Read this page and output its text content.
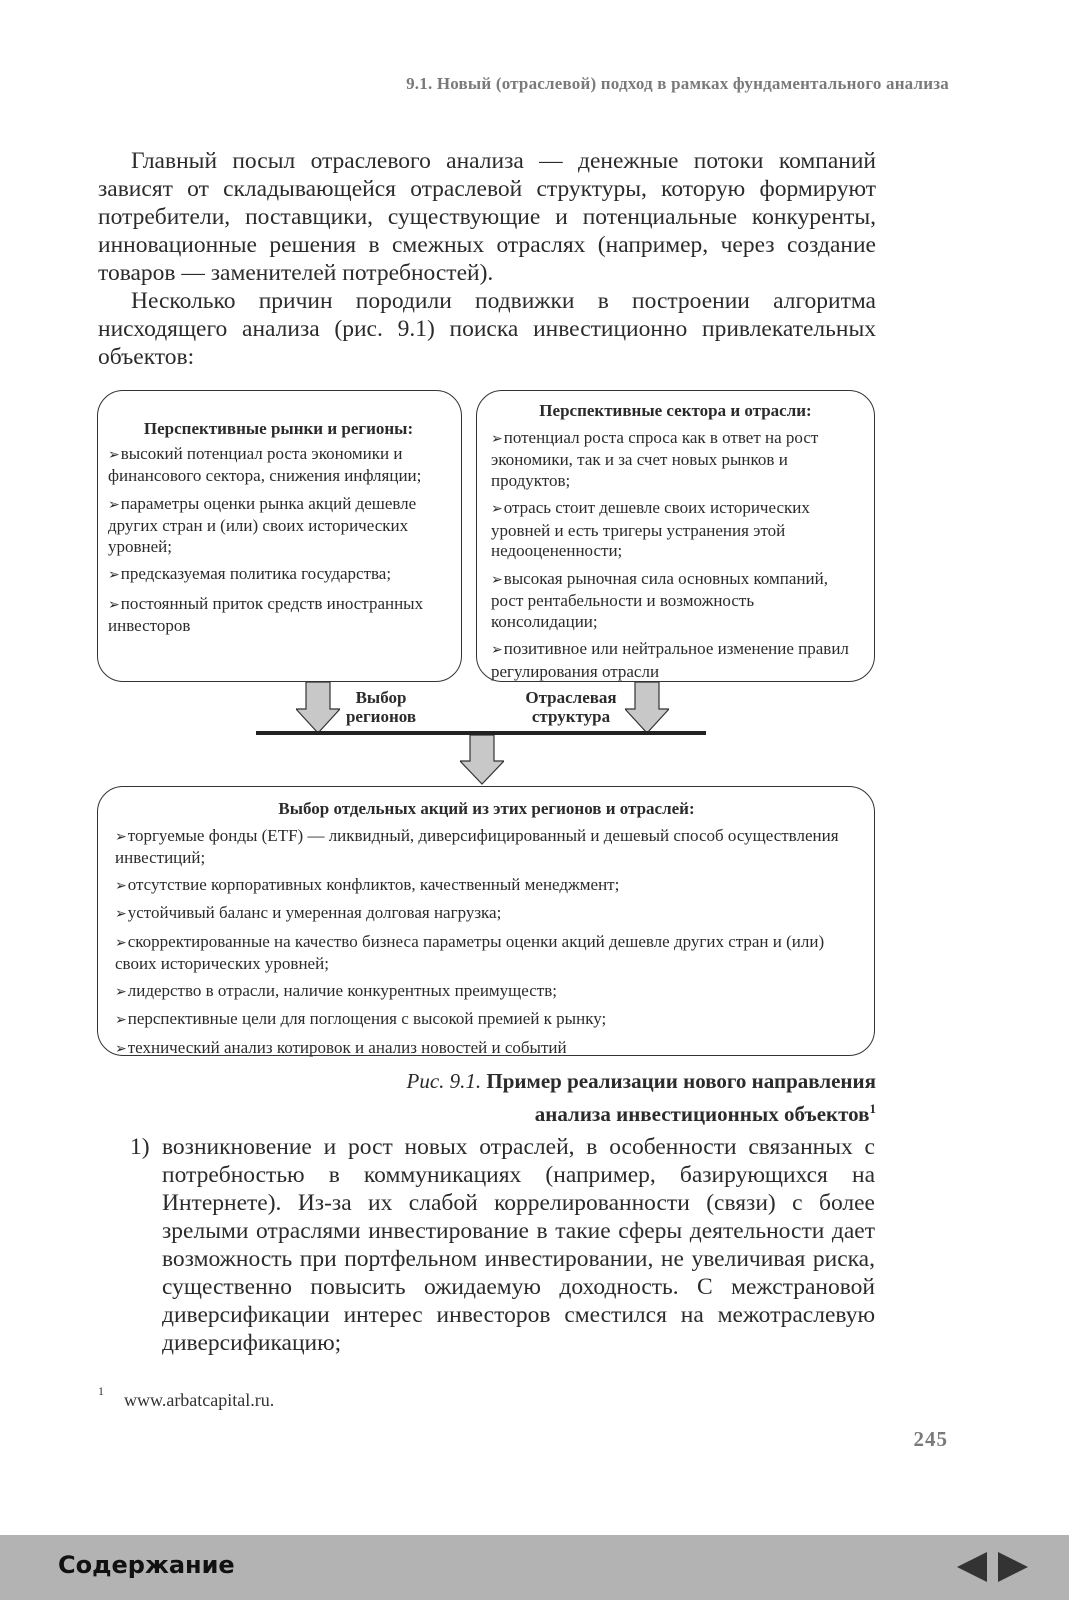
9.1. Новый (отраслевой) подход в рамках фундаментального анализа

Главный посыл отраслевого анализа — денежные потоки компаний зависят от складывающейся отраслевой структуры, которую формируют потребители, поставщики, существующие и потенциальные конкуренты, инновационные решения в смежных отраслях (например, через создание товаров — заменителей потребностей).

Несколько причин породили подвижки в построении алгоритма нисходящего анализа (рис. 9.1) поиска инвестиционно привлекательных объектов:

Перспективные рынки и регионы:
➢высокий потенциал роста экономики и финансового сектора, снижения инфляции;
➢параметры оценки рынка акций дешевле других стран и (или) своих исторических уровней;
➢предсказуемая политика государства;
➢постоянный приток средств иностранных инвесторов
Перспективные сектора и отрасли:
➢потенциал роста спроса как в ответ на рост экономики, так и за счет новых рынков и продуктов;
➢отрась стоит дешевле своих исторических уровней и есть тригеры устранения этой недооцененности;
➢высокая рыночная сила основных компаний, рост рентабельности и возможность консолидации;
➢позитивное или нейтральное изменение правил регулирования отрасли
Выбор регионов
Отраслевая структура
Выбор отдельных акций из этих регионов и отраслей:
➢торгуемые фонды (ETF) — ликвидный, диверсифицированный и дешевый способ осуществления инвестиций;
➢отсутствие корпоративных конфликтов, качественный менеджмент;
➢устойчивый баланс и умеренная долговая нагрузка;
➢скорректированные на качество бизнеса параметры оценки акций дешевле других стран и (или) своих исторических уровней;
➢лидерство в отрасли, наличие конкурентных преимуществ;
➢перспективные цели для поглощения с высокой премией к рынку;
➢технический анализ котировок и анализ новостей и событий
Рис. 9.1. Пример реализации нового направления
анализа инвестиционных объектов$^1$
1) возникновение и рост новых отраслей, в особенности связанных с потребностью в коммуникациях (например, базирующихся на Интернете). Из-за их слабой коррелированности (связи) с более зрелыми отраслями инвестирование в такие сферы деятельности дает возможность при портфельном инвестировании, не увеличивая риска, существенно повысить ожидаемую доходность. С межстрановой диверсификации интерес инвесторов сместился на межотраслевую диверсификацию;
$^1$ www.arbatcapital.ru.
245
Содержание
